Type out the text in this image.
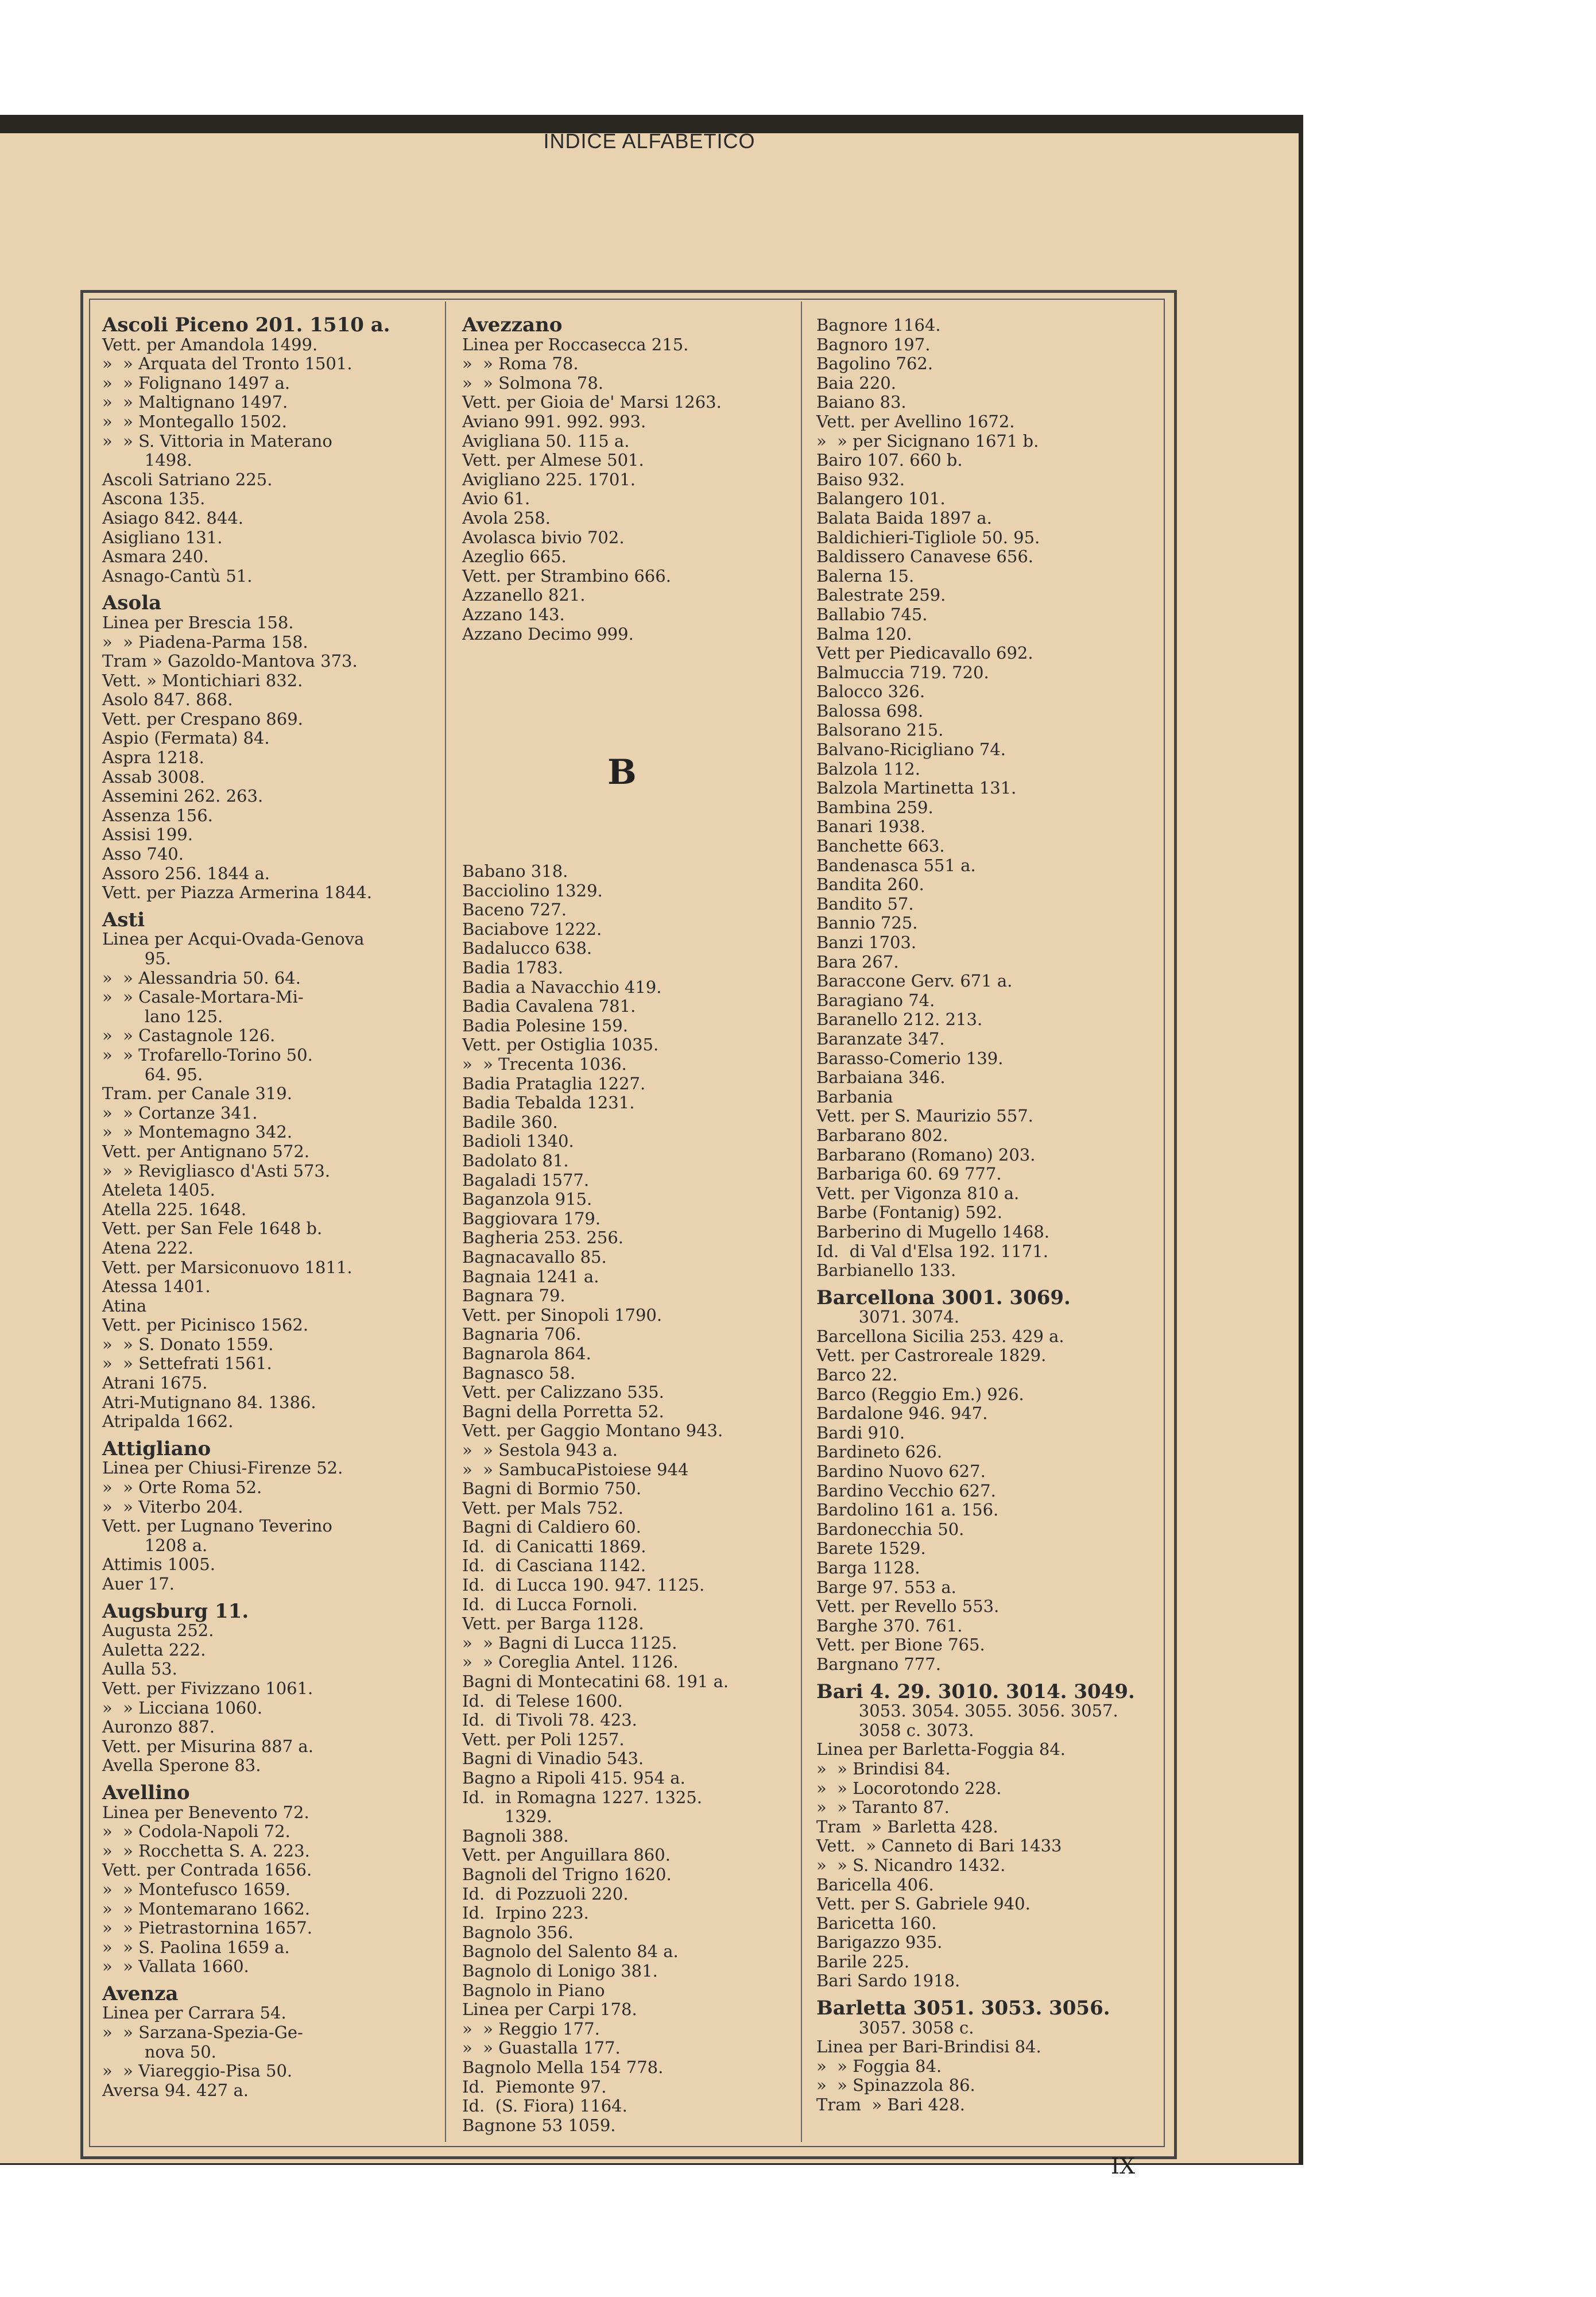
INDICE ALFABETICO
Ascoli Piceno 201. 1510 a.
Vett. per Amandola 1499.
»  » Arquata del Tronto 1501.
»  » Folignano 1497 a.
»  » Maltignano 1497.
»  » Montegallo 1502.
»  » S. Vittoria in Materano
1498.
Ascoli Satriano 225.
Ascona 135.
Asiago 842. 844.
Asigliano 131.
Asmara 240.
Asnago-Cantù 51.
Asola
Linea per Brescia 158.
»  » Piadena-Parma 158.
Tram » Gazoldo-Mantova 373.
Vett. » Montichiari 832.
Asolo 847. 868.
Vett. per Crespano 869.
Aspio (Fermata) 84.
Aspra 1218.
Assab 3008.
Assemini 262. 263.
Assenza 156.
Assisi 199.
Asso 740.
Assoro 256. 1844 a.
Vett. per Piazza Armerina 1844.
Asti
Linea per Acqui-Ovada-Genova
95.
»  » Alessandria 50. 64.
»  » Casale-Mortara-Mi-
lano 125.
»  » Castagnole 126.
»  » Trofarello-Torino 50.
64. 95.
Tram. per Canale 319.
»  » Cortanze 341.
»  » Montemagno 342.
Vett. per Antignano 572.
»  » Revigliasco d'Asti 573.
Ateleta 1405.
Atella 225. 1648.
Vett. per San Fele 1648 b.
Atena 222.
Vett. per Marsiconuovo 1811.
Atessa 1401.
Atina
Vett. per Picinisco 1562.
»  » S. Donato 1559.
»  » Settefrati 1561.
Atrani 1675.
Atri-Mutignano 84. 1386.
Atripalda 1662.
Attigliano
Linea per Chiusi-Firenze 52.
»  » Orte Roma 52.
»  » Viterbo 204.
Vett. per Lugnano Teverino
1208 a.
Attimis 1005.
Auer 17.
Augsburg 11.
Augusta 252.
Auletta 222.
Aulla 53.
Vett. per Fivizzano 1061.
»  » Licciana 1060.
Auronzo 887.
Vett. per Misurina 887 a.
Avella Sperone 83.
Avellino
Linea per Benevento 72.
»  » Codola-Napoli 72.
»  » Rocchetta S. A. 223.
Vett. per Contrada 1656.
»  » Montefusco 1659.
»  » Montemarano 1662.
»  » Pietrastornina 1657.
»  » S. Paolina 1659 a.
»  » Vallata 1660.
Avenza
Linea per Carrara 54.
»  » Sarzana-Spezia-Ge-
nova 50.
»  » Viareggio-Pisa 50.
Aversa 94. 427 a.
Avezzano
Linea per Roccasecca 215.
»  » Roma 78.
»  » Solmona 78.
Vett. per Gioia de' Marsi 1263.
Aviano 991. 992. 993.
Avigliana 50. 115 a.
Vett. per Almese 501.
Avigliano 225. 1701.
Avio 61.
Avola 258.
Avolasca bivio 702.
Azeglio 665.
Vett. per Strambino 666.
Azzanello 821.
Azzano 143.
Azzano Decimo 999.
Babano 318.
Bacciolino 1329.
Baceno 727.
Baciabove 1222.
Badalucco 638.
Badia 1783.
Badia a Navacchio 419.
Badia Cavalena 781.
Badia Polesine 159.
Vett. per Ostiglia 1035.
»  » Trecenta 1036.
Badia Prataglia 1227.
Badia Tebalda 1231.
Badile 360.
Badioli 1340.
Badolato 81.
Bagaladi 1577.
Baganzola 915.
Baggiovara 179.
Bagheria 253. 256.
Bagnacavallo 85.
Bagnaia 1241 a.
Bagnara 79.
Vett. per Sinopoli 1790.
Bagnaria 706.
Bagnarola 864.
Bagnasco 58.
Vett. per Calizzano 535.
Bagni della Porretta 52.
Vett. per Gaggio Montano 943.
»  » Sestola 943 a.
»  » SambucaPistoiese 944
Bagni di Bormio 750.
Vett. per Mals 752.
Bagni di Caldiero 60.
Id.  di Canicatti 1869.
Id.  di Casciana 1142.
Id.  di Lucca 190. 947. 1125.
Id.  di Lucca Fornoli.
Vett. per Barga 1128.
»  » Bagni di Lucca 1125.
»  » Coreglia Antel. 1126.
Bagni di Montecatini 68. 191 a.
Id.  di Telese 1600.
Id.  di Tivoli 78. 423.
Vett. per Poli 1257.
Bagni di Vinadio 543.
Bagno a Ripoli 415. 954 a.
Id.  in Romagna 1227. 1325.
1329.
Bagnoli 388.
Vett. per Anguillara 860.
Bagnoli del Trigno 1620.
Id.  di Pozzuoli 220.
Id.  Irpino 223.
Bagnolo 356.
Bagnolo del Salento 84 a.
Bagnolo di Lonigo 381.
Bagnolo in Piano
Linea per Carpi 178.
»  » Reggio 177.
»  » Guastalla 177.
Bagnolo Mella 154 778.
Id.  Piemonte 97.
Id.  (S. Fiora) 1164.
Bagnone 53 1059.
Bagnore 1164.
Bagnoro 197.
Bagolino 762.
Baia 220.
Baiano 83.
Vett. per Avellino 1672.
»  » per Sicignano 1671 b.
Bairo 107. 660 b.
Baiso 932.
Balangero 101.
Balata Baida 1897 a.
Baldichieri-Tigliole 50. 95.
Baldissero Canavese 656.
Balerna 15.
Balestrate 259.
Ballabio 745.
Balma 120.
Vett per Piedicavallo 692.
Balmuccia 719. 720.
Balocco 326.
Balossa 698.
Balsorano 215.
Balvano-Ricigliano 74.
Balzola 112.
Balzola Martinetta 131.
Bambina 259.
Banari 1938.
Banchette 663.
Bandenasca 551 a.
Bandita 260.
Bandito 57.
Bannio 725.
Banzi 1703.
Bara 267.
Baraccone Gerv. 671 a.
Baragiano 74.
Baranello 212. 213.
Baranzate 347.
Barasso-Comerio 139.
Barbaiana 346.
Barbania
Vett. per S. Maurizio 557.
Barbarano 802.
Barbarano (Romano) 203.
Barbariga 60. 69 777.
Vett. per Vigonza 810 a.
Barbe (Fontanig) 592.
Barberino di Mugello 1468.
Id.  di Val d'Elsa 192. 1171.
Barbianello 133.
Barcellona 3001. 3069.
3071. 3074.
Barcellona Sicilia 253. 429 a.
Vett. per Castroreale 1829.
Barco 22.
Barco (Reggio Em.) 926.
Bardalone 946. 947.
Bardi 910.
Bardineto 626.
Bardino Nuovo 627.
Bardino Vecchio 627.
Bardolino 161 a. 156.
Bardonecchia 50.
Barete 1529.
Barga 1128.
Barge 97. 553 a.
Vett. per Revello 553.
Barghe 370. 761.
Vett. per Bione 765.
Bargnano 777.
Bari 4. 29. 3010. 3014. 3049.
3053. 3054. 3055. 3056. 3057.
3058 c. 3073.
Linea per Barletta-Foggia 84.
»  » Brindisi 84.
»  » Locorotondo 228.
»  » Taranto 87.
Tram  » Barletta 428.
Vett.  » Canneto di Bari 1433
»  » S. Nicandro 1432.
Baricella 406.
Vett. per S. Gabriele 940.
Baricetta 160.
Barigazzo 935.
Barile 225.
Bari Sardo 1918.
Barletta 3051. 3053. 3056.
3057. 3058 c.
Linea per Bari-Brindisi 84.
»  » Foggia 84.
»  » Spinazzola 86.
Tram  » Bari 428.
B
IX
